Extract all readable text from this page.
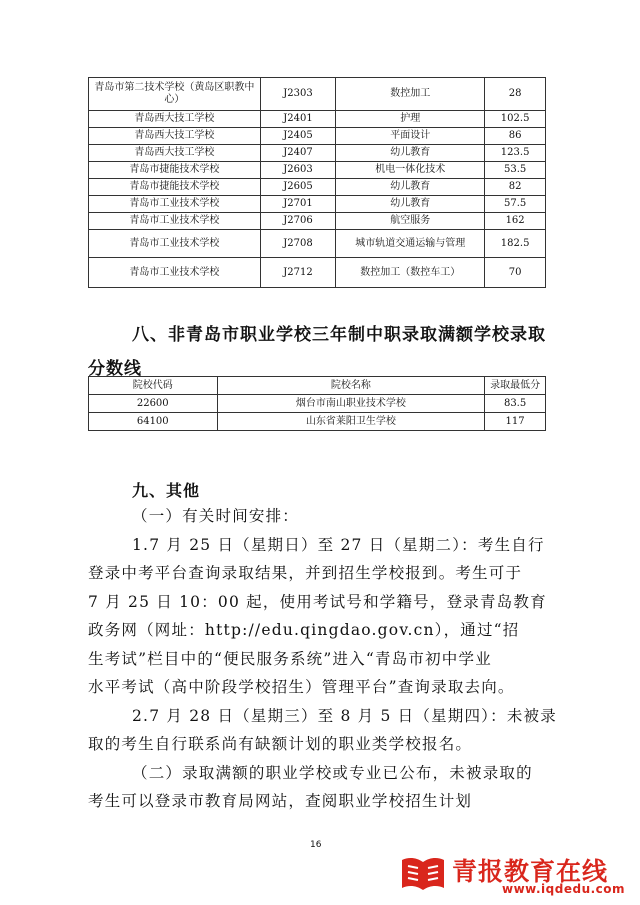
青岛市第二技术学校（黄岛区职教中心）	J2303	数控加工	28
青岛西大技工学校	J2401	护理	102.5
青岛西大技工学校	J2405	平面设计	86
青岛西大技工学校	J2407	幼儿教育	123.5
青岛市捷能技术学校	J2603	机电一体化技术	53.5
青岛市捷能技术学校	J2605	幼儿教育	82
青岛市工业技术学校	J2701	幼儿教育	57.5
青岛市工业技术学校	J2706	航空服务	162
青岛市工业技术学校	J2708	城市轨道交通运输与管理	182.5
青岛市工业技术学校	J2712	数控加工（数控车工）	70
八、非青岛市职业学校三年制中职录取满额学校录取
分数线
院校代码	院校名称	录取最低分
22600	烟台市南山职业技术学校	83.5
64100	山东省莱阳卫生学校	117
九、其他
（一）有关时间安排：
1.7 月 25 日（星期日）至 27 日（星期二）：考生自行
登录中考平台查询录取结果，并到招生学校报到。考生可于
7 月 25 日 10：00 起，使用考试号和学籍号，登录青岛教育
政务网（网址：http://edu.qingdao.gov.cn），通过“招
生考试”栏目中的“便民服务系统”进入“青岛市初中学业
水平考试（高中阶段学校招生）管理平台”查询录取去向。
2.7 月 28 日（星期三）至 8 月 5 日（星期四）：未被录
取的考生自行联系尚有缺额计划的职业类学校报名。
（二）录取满额的职业学校或专业已公布，未被录取的
考生可以登录市教育局网站，查阅职业学校招生计划
16
青报教育在线
www.iqdedu.com
